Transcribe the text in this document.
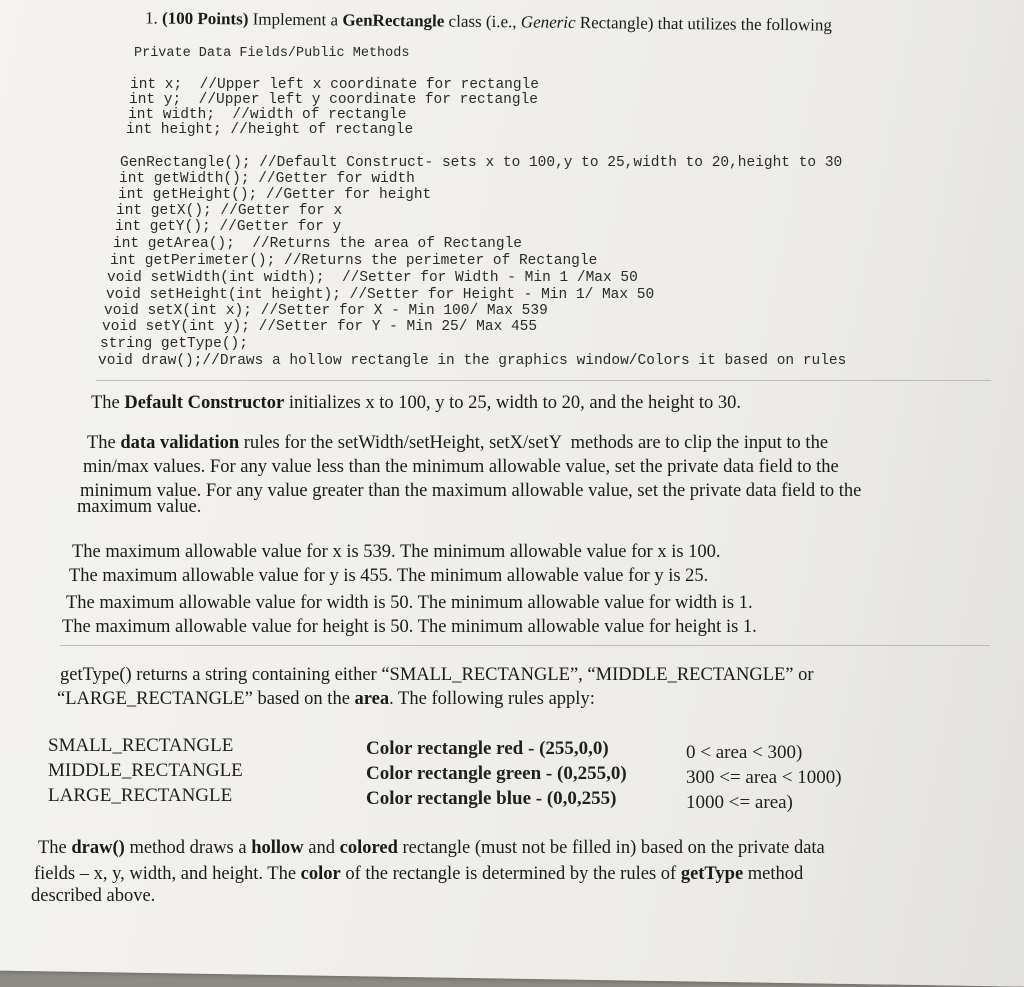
1. (100 Points) Implement a GenRectangle class (i.e., Generic Rectangle) that utilizes the following
Private Data Fields/Public Methods
int x;  //Upper left x coordinate for rectangle
int y;  //Upper left y coordinate for rectangle
int width;  //width of rectangle
int height; //height of rectangle
GenRectangle(); //Default Construct- sets x to 100,y to 25,width to 20,height to 30
int getWidth(); //Getter for width
int getHeight(); //Getter for height
int getX(); //Getter for x
int getY(); //Getter for y
int getArea();  //Returns the area of Rectangle
int getPerimeter(); //Returns the perimeter of Rectangle
void setWidth(int width);  //Setter for Width - Min 1 /Max 50
void setHeight(int height); //Setter for Height - Min 1/ Max 50
void setX(int x); //Setter for X - Min 100/ Max 539
void setY(int y); //Setter for Y - Min 25/ Max 455
string getType();
void draw();//Draws a hollow rectangle in the graphics window/Colors it based on rules
The Default Constructor initializes x to 100, y to 25, width to 20, and the height to 30.
The data validation rules for the setWidth/setHeight, setX/setY  methods are to clip the input to the
min/max values. For any value less than the minimum allowable value, set the private data field to the
minimum value. For any value greater than the maximum allowable value, set the private data field to the
maximum value.
The maximum allowable value for x is 539. The minimum allowable value for x is 100.
The maximum allowable value for y is 455. The minimum allowable value for y is 25.
The maximum allowable value for width is 50. The minimum allowable value for width is 1.
The maximum allowable value for height is 50. The minimum allowable value for height is 1.
getType() returns a string containing either “SMALL_RECTANGLE”, “MIDDLE_RECTANGLE” or
“LARGE_RECTANGLE” based on the area. The following rules apply:
SMALL_RECTANGLE
MIDDLE_RECTANGLE
LARGE_RECTANGLE
Color rectangle red - (255,0,0)
Color rectangle green - (0,255,0)
Color rectangle blue - (0,0,255)
0 < area < 300)
300 <= area < 1000)
1000 <= area)
The draw() method draws a hollow and colored rectangle (must not be filled in) based on the private data
fields – x, y, width, and height. The color of the rectangle is determined by the rules of getType method
described above.
